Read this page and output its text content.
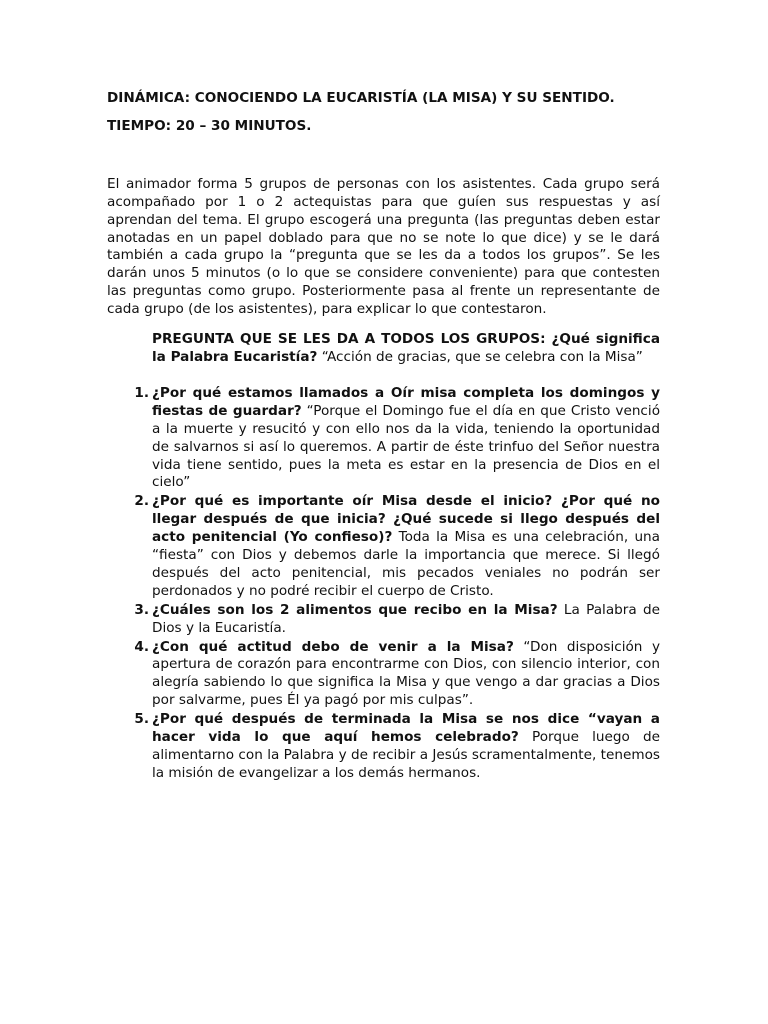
DINÁMICA: CONOCIENDO LA EUCARISTÍA (LA MISA) Y SU SENTIDO.

TIEMPO: 20 – 30 MINUTOS.

El animador forma 5 grupos de personas con los asistentes. Cada grupo será acompañado por 1 o 2 actequistas para que guíen sus respuestas y así aprendan del tema. El grupo escogerá una pregunta (las preguntas deben estar anotadas en un papel doblado para que no se note lo que dice) y se le dará también a cada grupo la “pregunta que se les da a todos los grupos”. Se les darán unos 5 minutos (o lo que se considere conveniente) para que contesten las preguntas como grupo. Posteriormente pasa al frente un representante de cada grupo (de los asistentes), para explicar lo que contestaron.

PREGUNTA QUE SE LES DA A TODOS LOS GRUPOS: ¿Qué significa la Palabra Eucaristía? “Acción de gracias, que se celebra con la Misa”

1. ¿Por qué estamos llamados a Oír misa completa los domingos y fiestas de guardar? “Porque el Domingo fue el día en que Cristo venció a la muerte y resucitó y con ello nos da la vida, teniendo la oportunidad de salvarnos si así lo queremos. A partir de éste trinfuo del Señor nuestra vida tiene sentido, pues la meta es estar en la presencia de Dios en el cielo”
2. ¿Por qué es importante oír Misa desde el inicio? ¿Por qué no llegar después de que inicia? ¿Qué sucede si llego después del acto penitencial (Yo confieso)? Toda la Misa es una celebración, una “fiesta” con Dios y debemos darle la importancia que merece. Si llegó después del acto penitencial, mis pecados veniales no podrán ser perdonados y no podré recibir el cuerpo de Cristo.
3. ¿Cuáles son los 2 alimentos que recibo en la Misa? La Palabra de Dios y la Eucaristía.
4. ¿Con qué actitud debo de venir a la Misa? “Don disposición y apertura de corazón para encontrarme con Dios, con silencio interior, con alegría sabiendo lo que significa la Misa y que vengo a dar gracias a Dios por salvarme, pues Él ya pagó por mis culpas”.
5. ¿Por qué después de terminada la Misa se nos dice “vayan a hacer vida lo que aquí hemos celebrado? Porque luego de alimentarno con la Palabra y de recibir a Jesús scramentalmente, tenemos la misión de evangelizar a los demás hermanos.
